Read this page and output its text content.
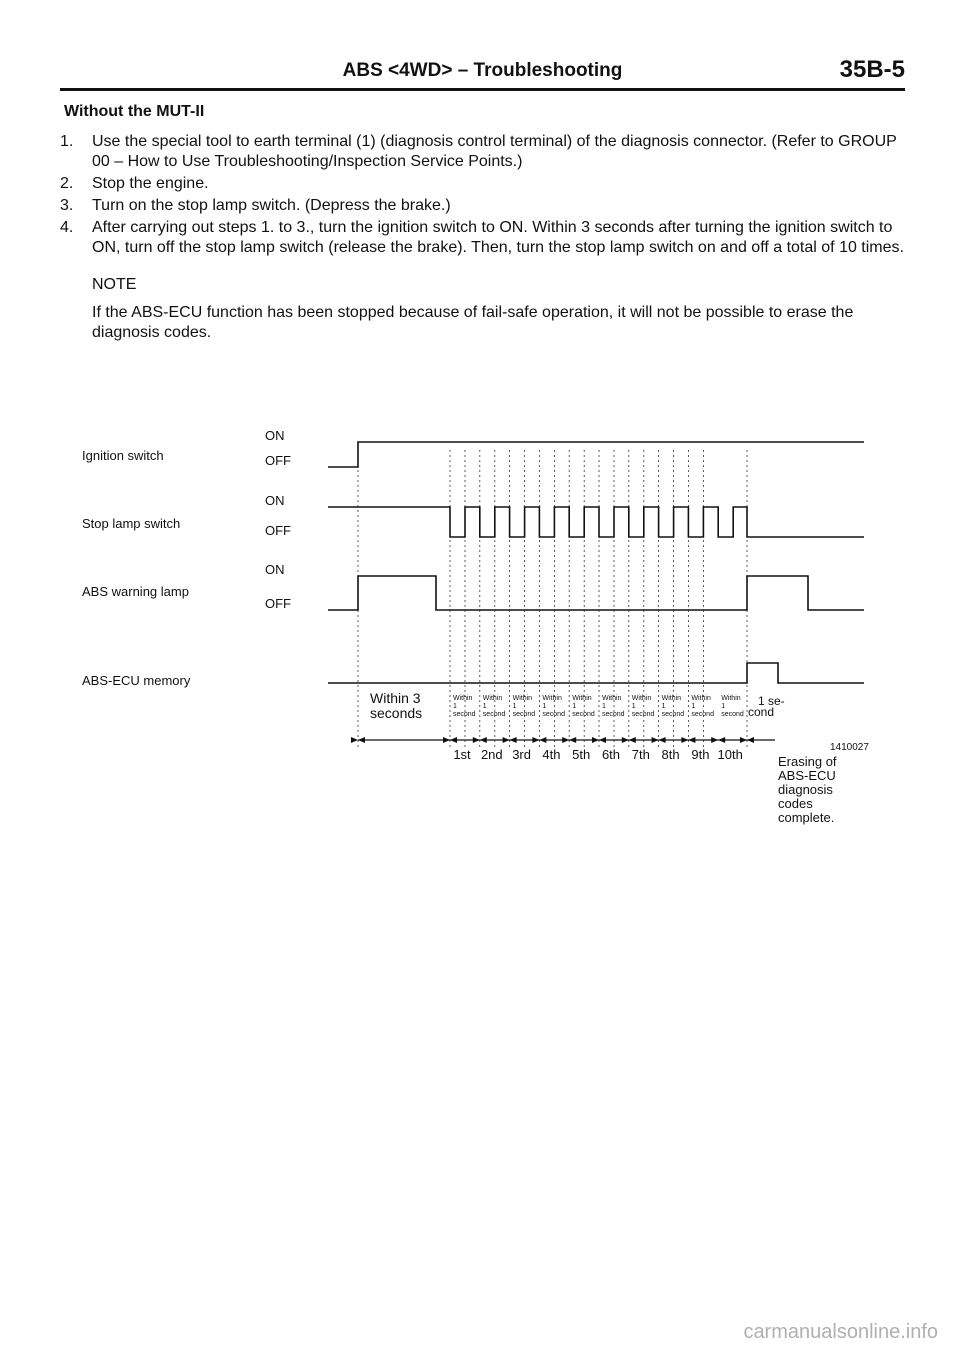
ABS <4WD> – Troubleshooting	35B-5
Without the MUT-II
1. Use the special tool to earth terminal (1) (diagnosis control terminal) of the diagnosis connector. (Refer to GROUP 00 – How to Use Troubleshooting/Inspection Service Points.)
2. Stop the engine.
3. Turn on the stop lamp switch. (Depress the brake.)
4. After carrying out steps 1. to 3., turn the ignition switch to ON. Within 3 seconds after turning the ignition switch to ON, turn off the stop lamp switch (release the brake). Then, turn the stop lamp switch on and off a total of 10 times.
NOTE
If the ABS-ECU function has been stopped because of fail-safe operation, it will not be possible to erase the diagnosis codes.
Ignition switch
ON
OFF
Stop lamp switch
ON
OFF
ABS warning lamp
ON
OFF
ABS-ECU memory
Within 3
seconds
Within
1
second
Within
1
second
Within
1
second
Within
1
second
Within
1
second
Within
1
second
Within
1
second
Within
1
second
Within
1
second
Within
1
second
1 se-
cond
1st 2nd 3rd 4th 5th 6th 7th 8th 9th 10th	1410027
Erasing of
ABS-ECU
diagnosis
codes
complete.
carmanualsonline.info
